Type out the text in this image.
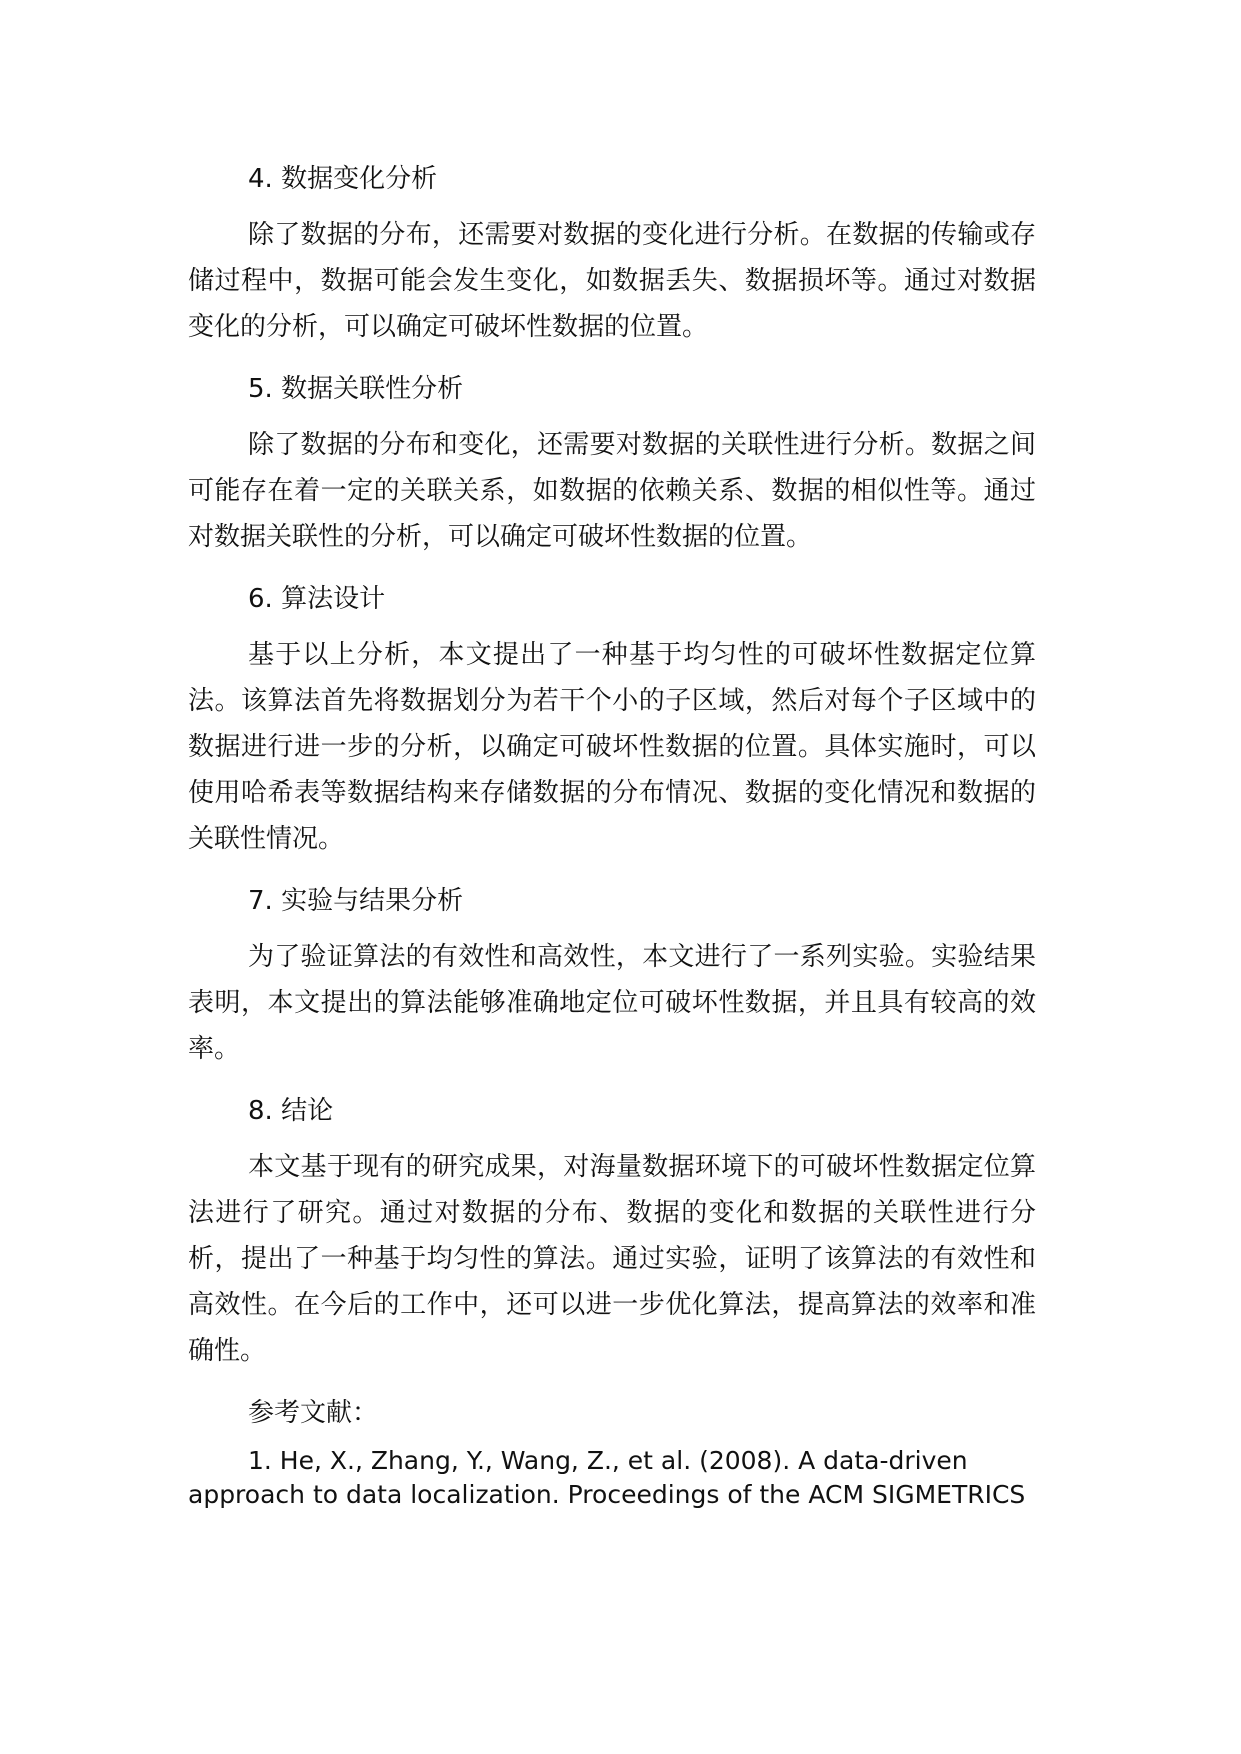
4. 数据变化分析

除了数据的分布，还需要对数据的变化进行分析。在数据的传输或存储过程中，数据可能会发生变化，如数据丢失、数据损坏等。通过对数据变化的分析，可以确定可破坏性数据的位置。

5. 数据关联性分析

除了数据的分布和变化，还需要对数据的关联性进行分析。数据之间可能存在着一定的关联关系，如数据的依赖关系、数据的相似性等。通过对数据关联性的分析，可以确定可破坏性数据的位置。

6. 算法设计

基于以上分析，本文提出了一种基于均匀性的可破坏性数据定位算法。该算法首先将数据划分为若干个小的子区域，然后对每个子区域中的数据进行进一步的分析，以确定可破坏性数据的位置。具体实施时，可以使用哈希表等数据结构来存储数据的分布情况、数据的变化情况和数据的关联性情况。

7. 实验与结果分析

为了验证算法的有效性和高效性，本文进行了一系列实验。实验结果表明，本文提出的算法能够准确地定位可破坏性数据，并且具有较高的效率。

8. 结论

本文基于现有的研究成果，对海量数据环境下的可破坏性数据定位算法进行了研究。通过对数据的分布、数据的变化和数据的关联性进行分析，提出了一种基于均匀性的算法。通过实验，证明了该算法的有效性和高效性。在今后的工作中，还可以进一步优化算法，提高算法的效率和准确性。

参考文献：

1. He, X., Zhang, Y., Wang, Z., et al. (2008). A data-driven approach to data localization. Proceedings of the ACM SIGMETRICS
